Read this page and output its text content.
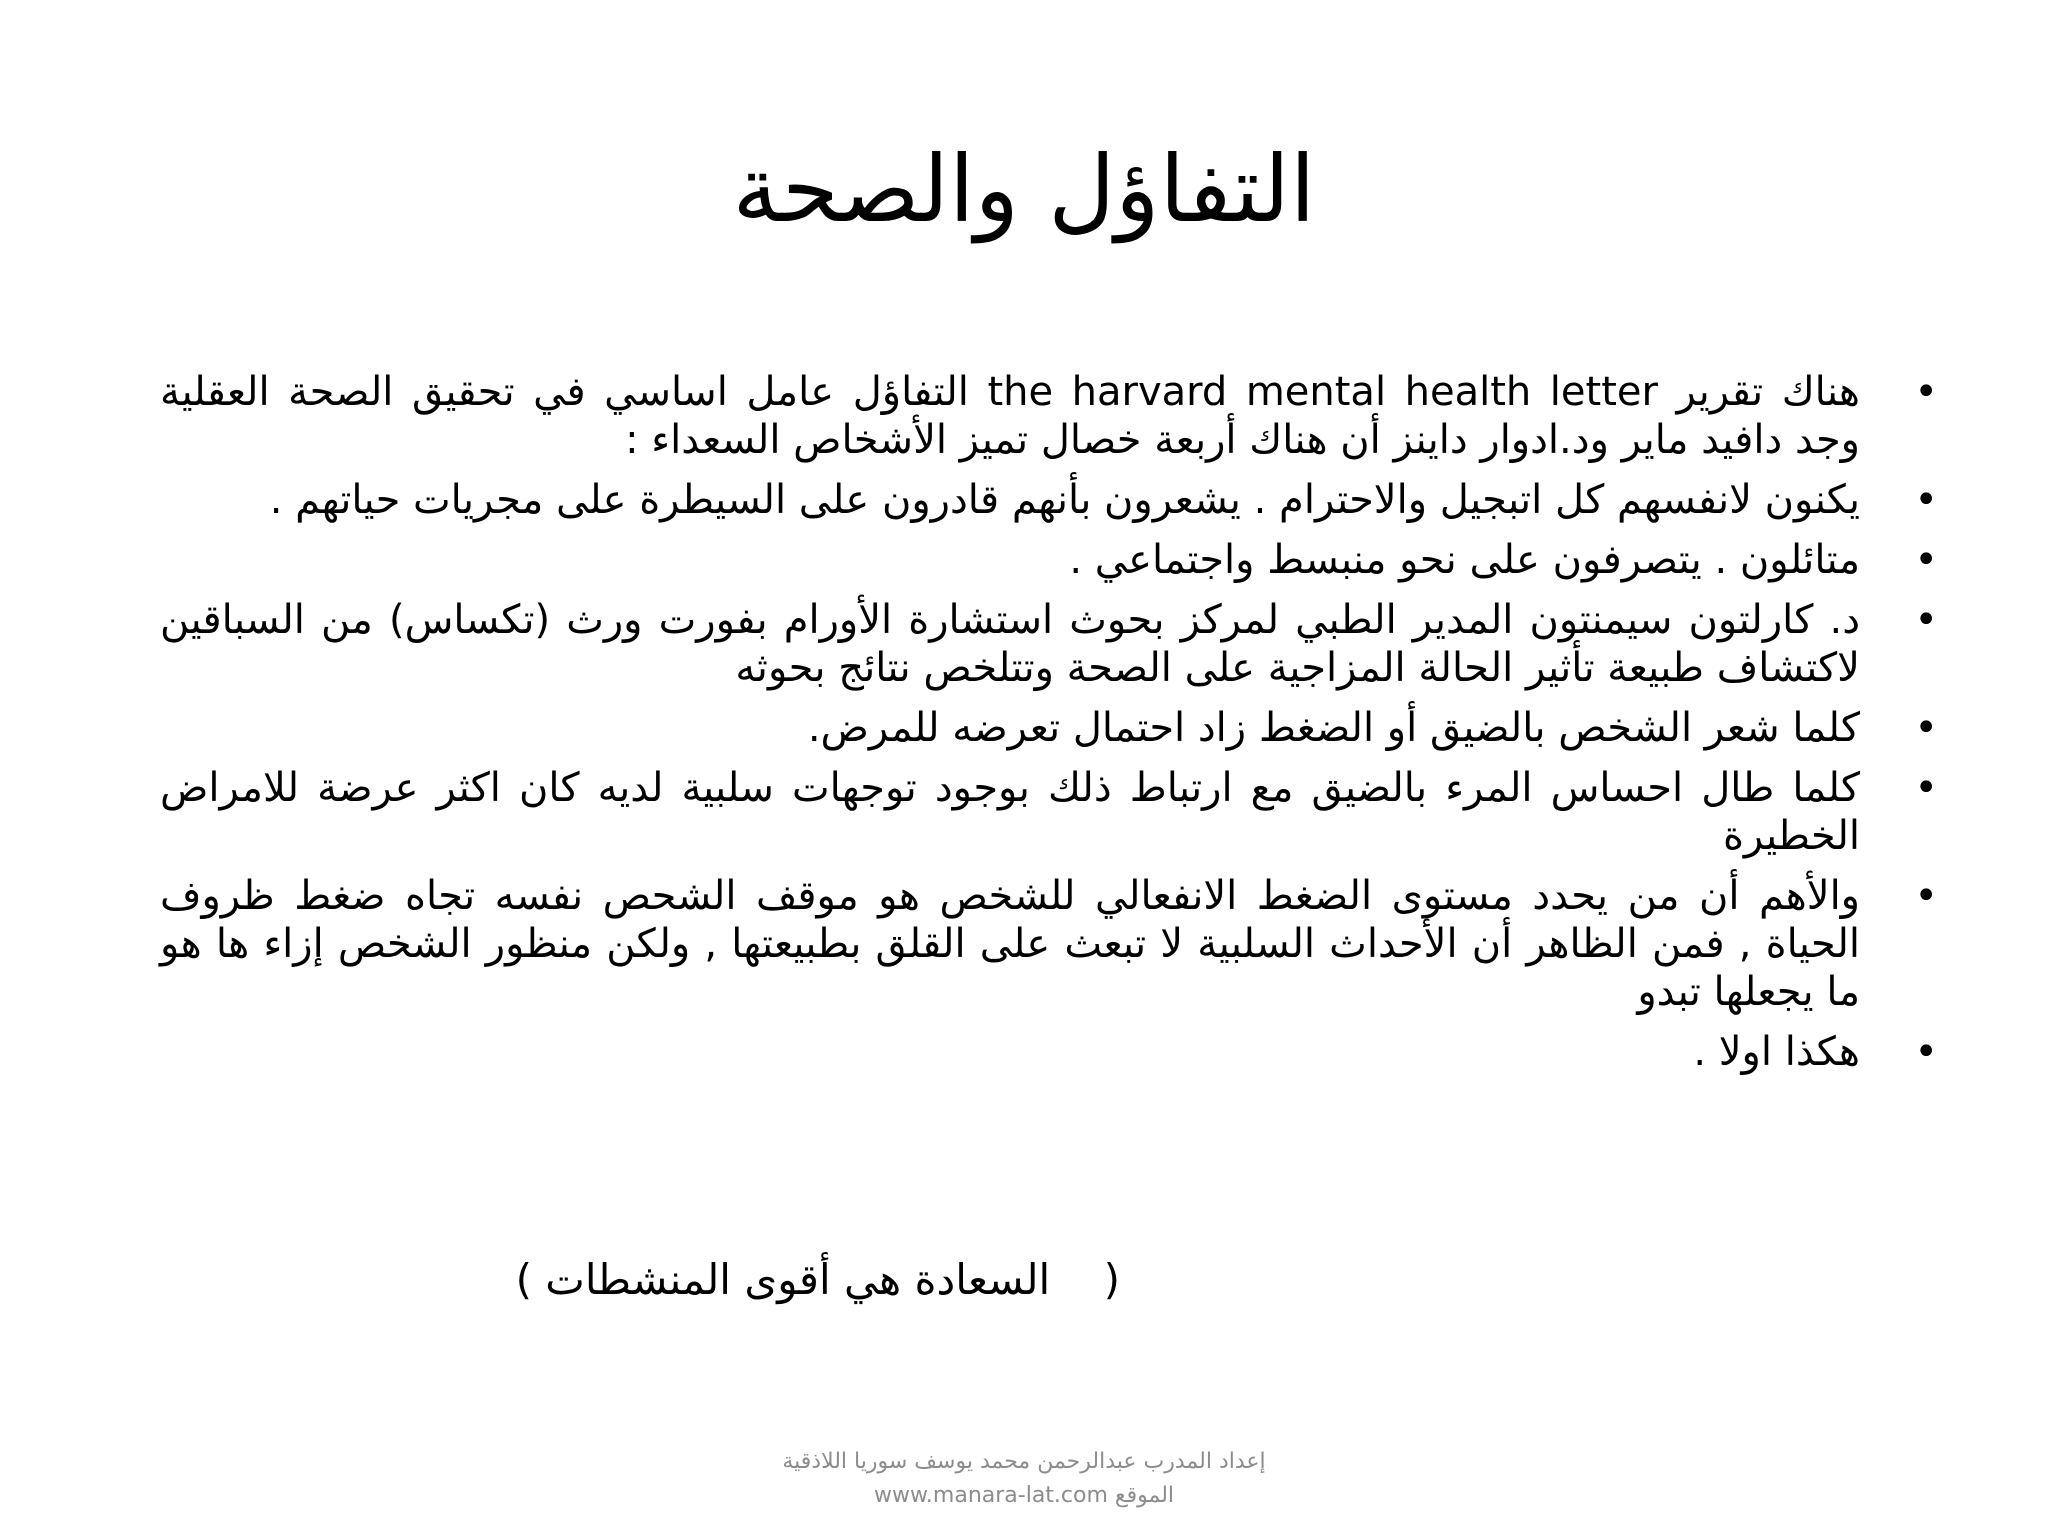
التفاؤل والصحة
•
هناك تقرير the harvard mental health letter التفاؤل عامل اساسي في تحقيق الصحة العقلية وجد دافيد ماير ود.ادوار داينز أن هناك أربعة خصال تميز الأشخاص السعداء :
•
يكنون لانفسهم كل اتبجيل والاحترام . يشعرون بأنهم قادرون على السيطرة على مجريات حياتهم .
•
متائلون . يتصرفون على نحو منبسط واجتماعي .
•
د. كارلتون سيمنتون المدير الطبي لمركز بحوث استشارة الأورام بفورت ورث (تكساس) من السباقين لاكتشاف طبيعة تأثير الحالة المزاجية على الصحة وتتلخص نتائج بحوثه
•
كلما شعر الشخص بالضيق أو الضغط زاد احتمال تعرضه للمرض.
•
كلما طال احساس المرء بالضيق مع ارتباط ذلك بوجود توجهات سلبية لديه كان اكثر عرضة للامراض الخطيرة
•
والأهم أن من يحدد مستوى الضغط الانفعالي للشخص هو موقف الشحص نفسه تجاه ضغط ظروف الحياة , فمن الظاهر أن الأحداث السلبية لا تبعث على القلق بطبيعتها , ولكن منظور الشخص إزاء ها هو ما يجعلها تبدو
•
هكذا اولا .
(    السعادة هي أقوى المنشطات )
إعداد المدرب عبدالرحمن محمد يوسف سوريا اللاذقية
الموقع www.manara-lat.com
